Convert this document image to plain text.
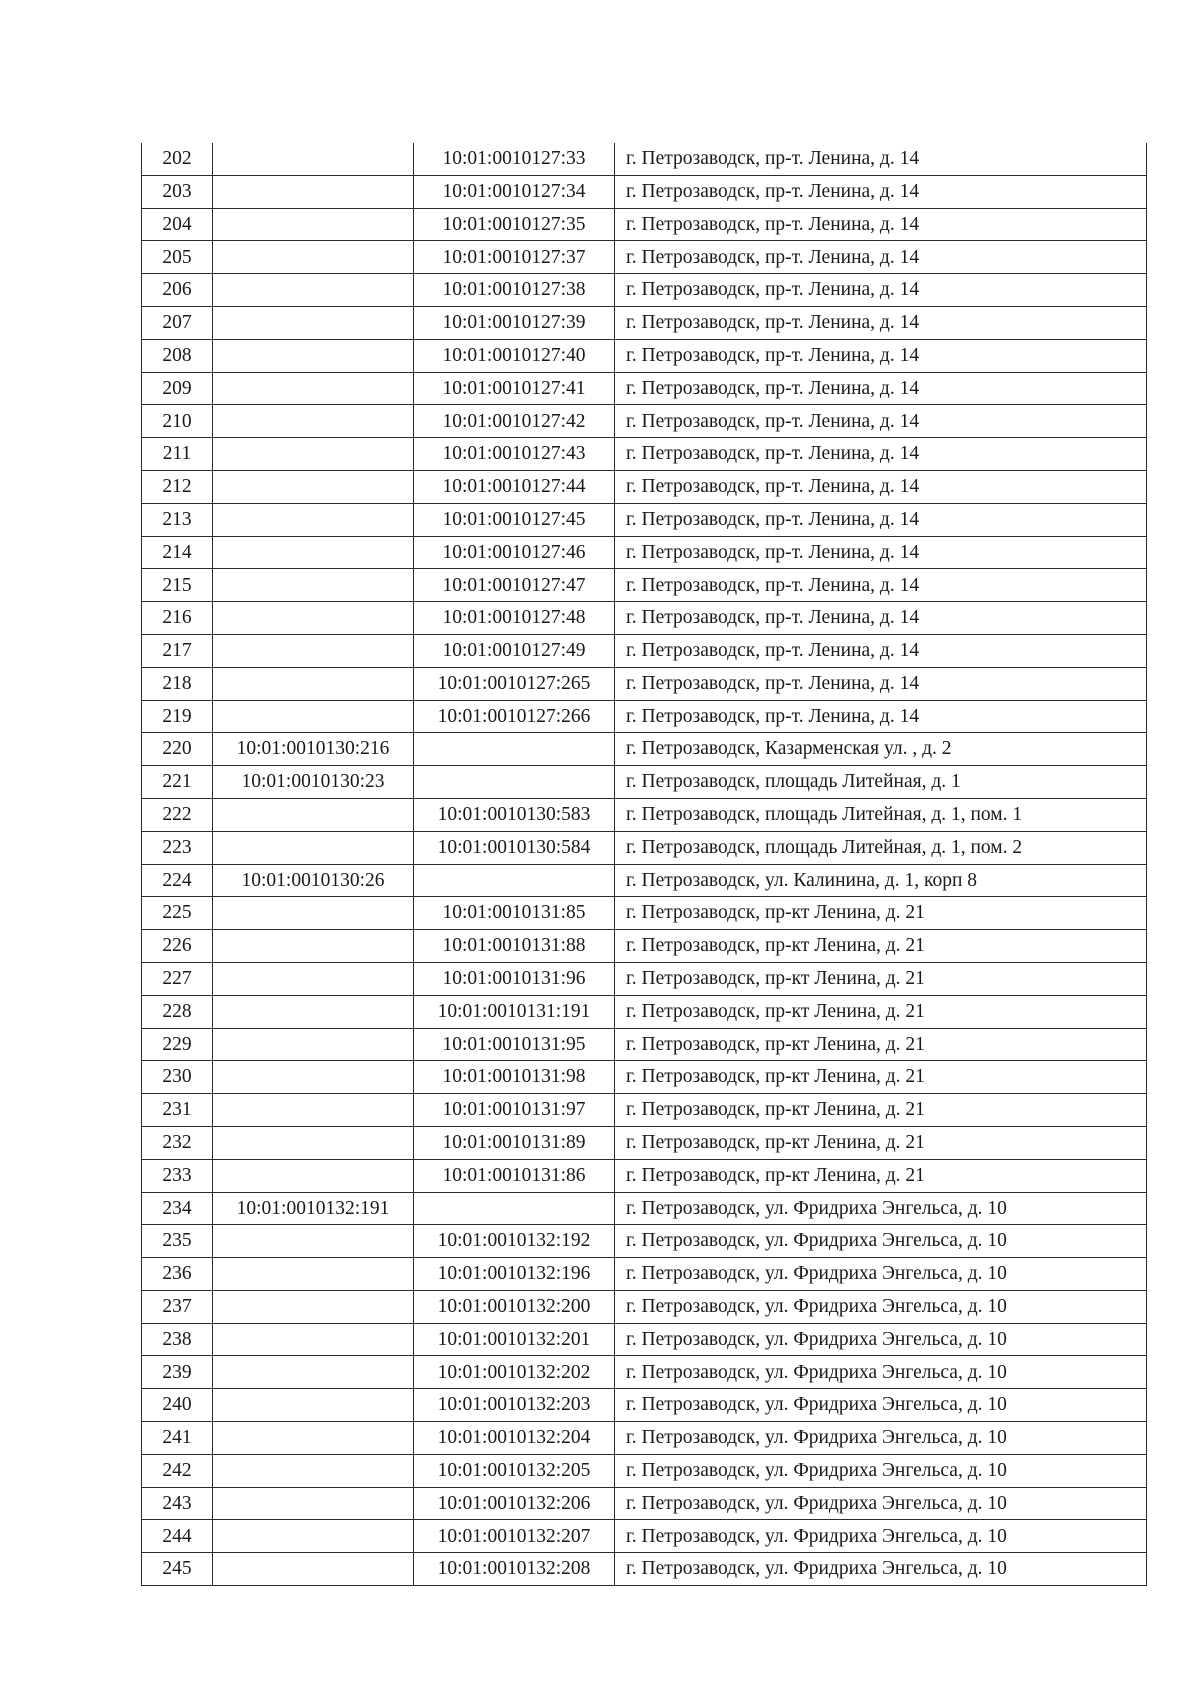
202		10:01:0010127:33	г. Петрозаводск, пр-т. Ленина, д. 14
203		10:01:0010127:34	г. Петрозаводск, пр-т. Ленина, д. 14
204		10:01:0010127:35	г. Петрозаводск, пр-т. Ленина, д. 14
205		10:01:0010127:37	г. Петрозаводск, пр-т. Ленина, д. 14
206		10:01:0010127:38	г. Петрозаводск, пр-т. Ленина, д. 14
207		10:01:0010127:39	г. Петрозаводск, пр-т. Ленина, д. 14
208		10:01:0010127:40	г. Петрозаводск, пр-т. Ленина, д. 14
209		10:01:0010127:41	г. Петрозаводск, пр-т. Ленина, д. 14
210		10:01:0010127:42	г. Петрозаводск, пр-т. Ленина, д. 14
211		10:01:0010127:43	г. Петрозаводск, пр-т. Ленина, д. 14
212		10:01:0010127:44	г. Петрозаводск, пр-т. Ленина, д. 14
213		10:01:0010127:45	г. Петрозаводск, пр-т. Ленина, д. 14
214		10:01:0010127:46	г. Петрозаводск, пр-т. Ленина, д. 14
215		10:01:0010127:47	г. Петрозаводск, пр-т. Ленина, д. 14
216		10:01:0010127:48	г. Петрозаводск, пр-т. Ленина, д. 14
217		10:01:0010127:49	г. Петрозаводск, пр-т. Ленина, д. 14
218		10:01:0010127:265	г. Петрозаводск, пр-т. Ленина, д. 14
219		10:01:0010127:266	г. Петрозаводск, пр-т. Ленина, д. 14
220	10:01:0010130:216		г. Петрозаводск, Казарменская ул. , д. 2
221	10:01:0010130:23		г. Петрозаводск, площадь Литейная, д. 1
222		10:01:0010130:583	г. Петрозаводск, площадь Литейная, д. 1, пом. 1
223		10:01:0010130:584	г. Петрозаводск, площадь Литейная, д. 1, пом. 2
224	10:01:0010130:26		г. Петрозаводск, ул. Калинина, д. 1, корп 8
225		10:01:0010131:85	г. Петрозаводск, пр-кт Ленина, д. 21
226		10:01:0010131:88	г. Петрозаводск, пр-кт Ленина, д. 21
227		10:01:0010131:96	г. Петрозаводск, пр-кт Ленина, д. 21
228		10:01:0010131:191	г. Петрозаводск, пр-кт Ленина, д. 21
229		10:01:0010131:95	г. Петрозаводск, пр-кт Ленина, д. 21
230		10:01:0010131:98	г. Петрозаводск, пр-кт Ленина, д. 21
231		10:01:0010131:97	г. Петрозаводск, пр-кт Ленина, д. 21
232		10:01:0010131:89	г. Петрозаводск, пр-кт Ленина, д. 21
233		10:01:0010131:86	г. Петрозаводск, пр-кт Ленина, д. 21
234	10:01:0010132:191		г. Петрозаводск, ул. Фридриха Энгельса, д. 10
235		10:01:0010132:192	г. Петрозаводск, ул. Фридриха Энгельса, д. 10
236		10:01:0010132:196	г. Петрозаводск, ул. Фридриха Энгельса, д. 10
237		10:01:0010132:200	г. Петрозаводск, ул. Фридриха Энгельса, д. 10
238		10:01:0010132:201	г. Петрозаводск, ул. Фридриха Энгельса, д. 10
239		10:01:0010132:202	г. Петрозаводск, ул. Фридриха Энгельса, д. 10
240		10:01:0010132:203	г. Петрозаводск, ул. Фридриха Энгельса, д. 10
241		10:01:0010132:204	г. Петрозаводск, ул. Фридриха Энгельса, д. 10
242		10:01:0010132:205	г. Петрозаводск, ул. Фридриха Энгельса, д. 10
243		10:01:0010132:206	г. Петрозаводск, ул. Фридриха Энгельса, д. 10
244		10:01:0010132:207	г. Петрозаводск, ул. Фридриха Энгельса, д. 10
245		10:01:0010132:208	г. Петрозаводск, ул. Фридриха Энгельса, д. 10
